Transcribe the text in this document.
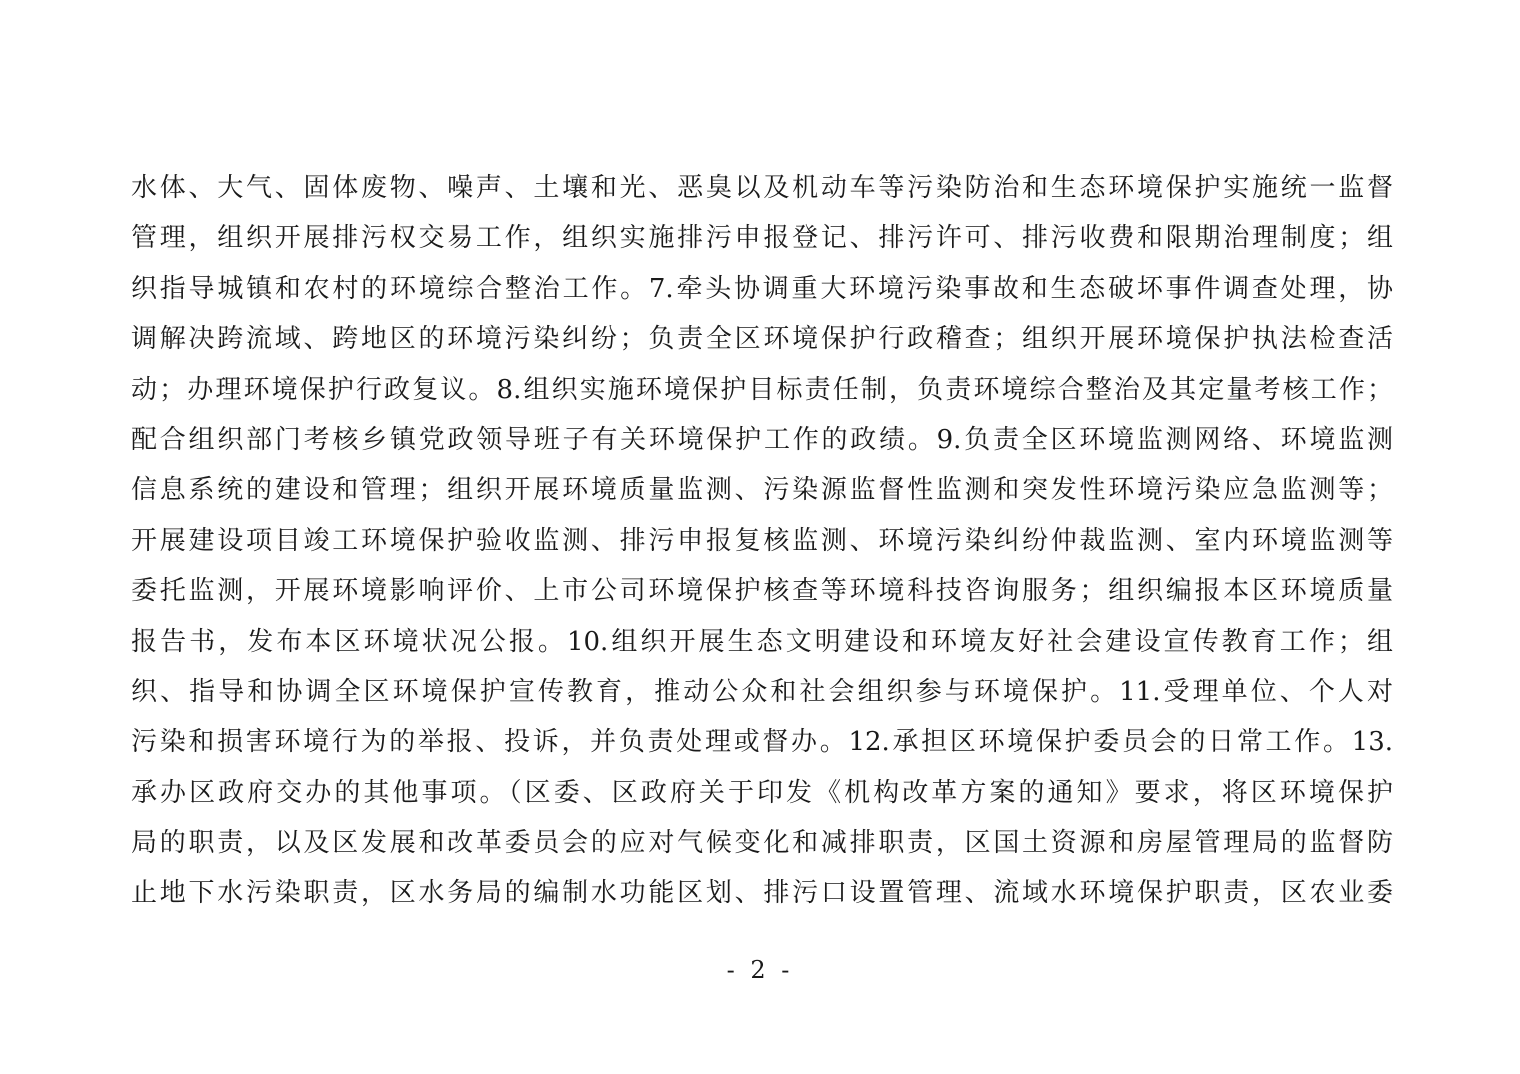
水体、大气、固体废物、噪声、土壤和光、恶臭以及机动车等污染防治和生态环境保护实施统一监督
管理，组织开展排污权交易工作，组织实施排污申报登记、排污许可、排污收费和限期治理制度；组
织指导城镇和农村的环境综合整治工作。7.牵头协调重大环境污染事故和生态破坏事件调查处理，协
调解决跨流域、跨地区的环境污染纠纷；负责全区环境保护行政稽查；组织开展环境保护执法检查活
动；办理环境保护行政复议。8.组织实施环境保护目标责任制，负责环境综合整治及其定量考核工作；
配合组织部门考核乡镇党政领导班子有关环境保护工作的政绩。9.负责全区环境监测网络、环境监测
信息系统的建设和管理；组织开展环境质量监测、污染源监督性监测和突发性环境污染应急监测等；
开展建设项目竣工环境保护验收监测、排污申报复核监测、环境污染纠纷仲裁监测、室内环境监测等
委托监测，开展环境影响评价、上市公司环境保护核查等环境科技咨询服务；组织编报本区环境质量
报告书，发布本区环境状况公报。10.组织开展生态文明建设和环境友好社会建设宣传教育工作；组
织、指导和协调全区环境保护宣传教育，推动公众和社会组织参与环境保护。11.受理单位、个人对
污染和损害环境行为的举报、投诉，并负责处理或督办。12.承担区环境保护委员会的日常工作。13.
承办区政府交办的其他事项。（区委、区政府关于印发《机构改革方案的通知》要求，将区环境保护
局的职责，以及区发展和改革委员会的应对气候变化和减排职责，区国土资源和房屋管理局的监督防
止地下水污染职责，区水务局的编制水功能区划、排污口设置管理、流域水环境保护职责，区农业委
- 2 -
